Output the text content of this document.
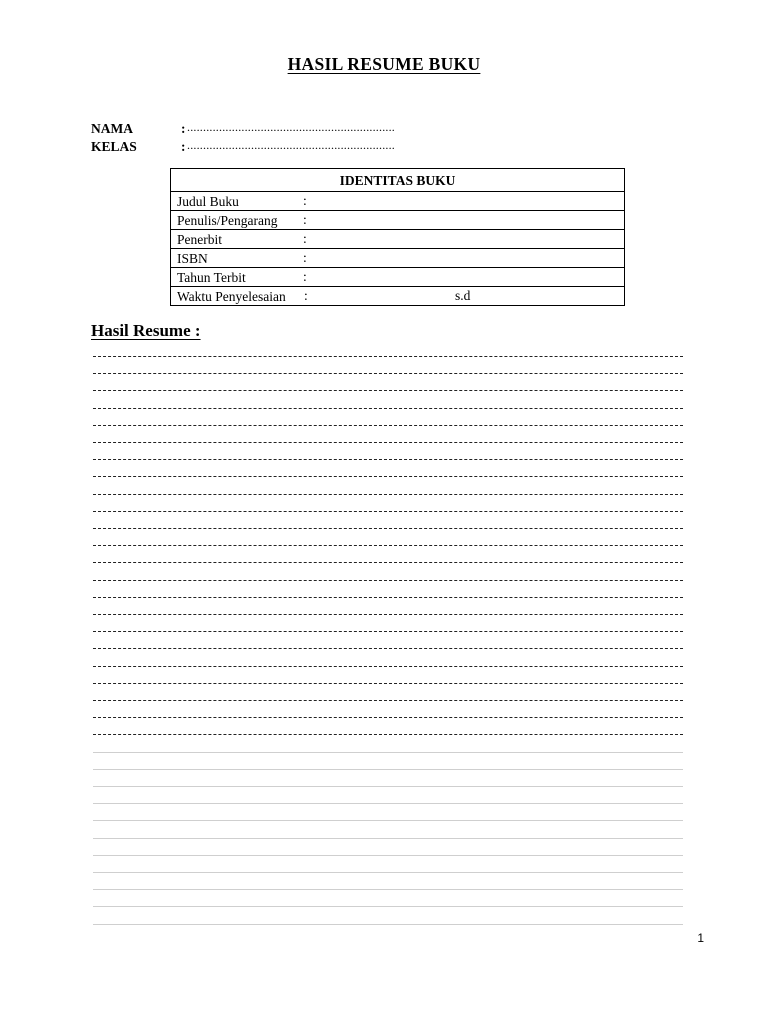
HASIL RESUME BUKU
NAMA	: .................................................................
KELAS	: .................................................................
IDENTITAS BUKU
Judul Buku	:

Penulis/Pengarang :

Penerbit	:

ISBN	:

Tahun Terbit	:

Waktu Penyelesaian :	s.d
Hasil Resume :
1
